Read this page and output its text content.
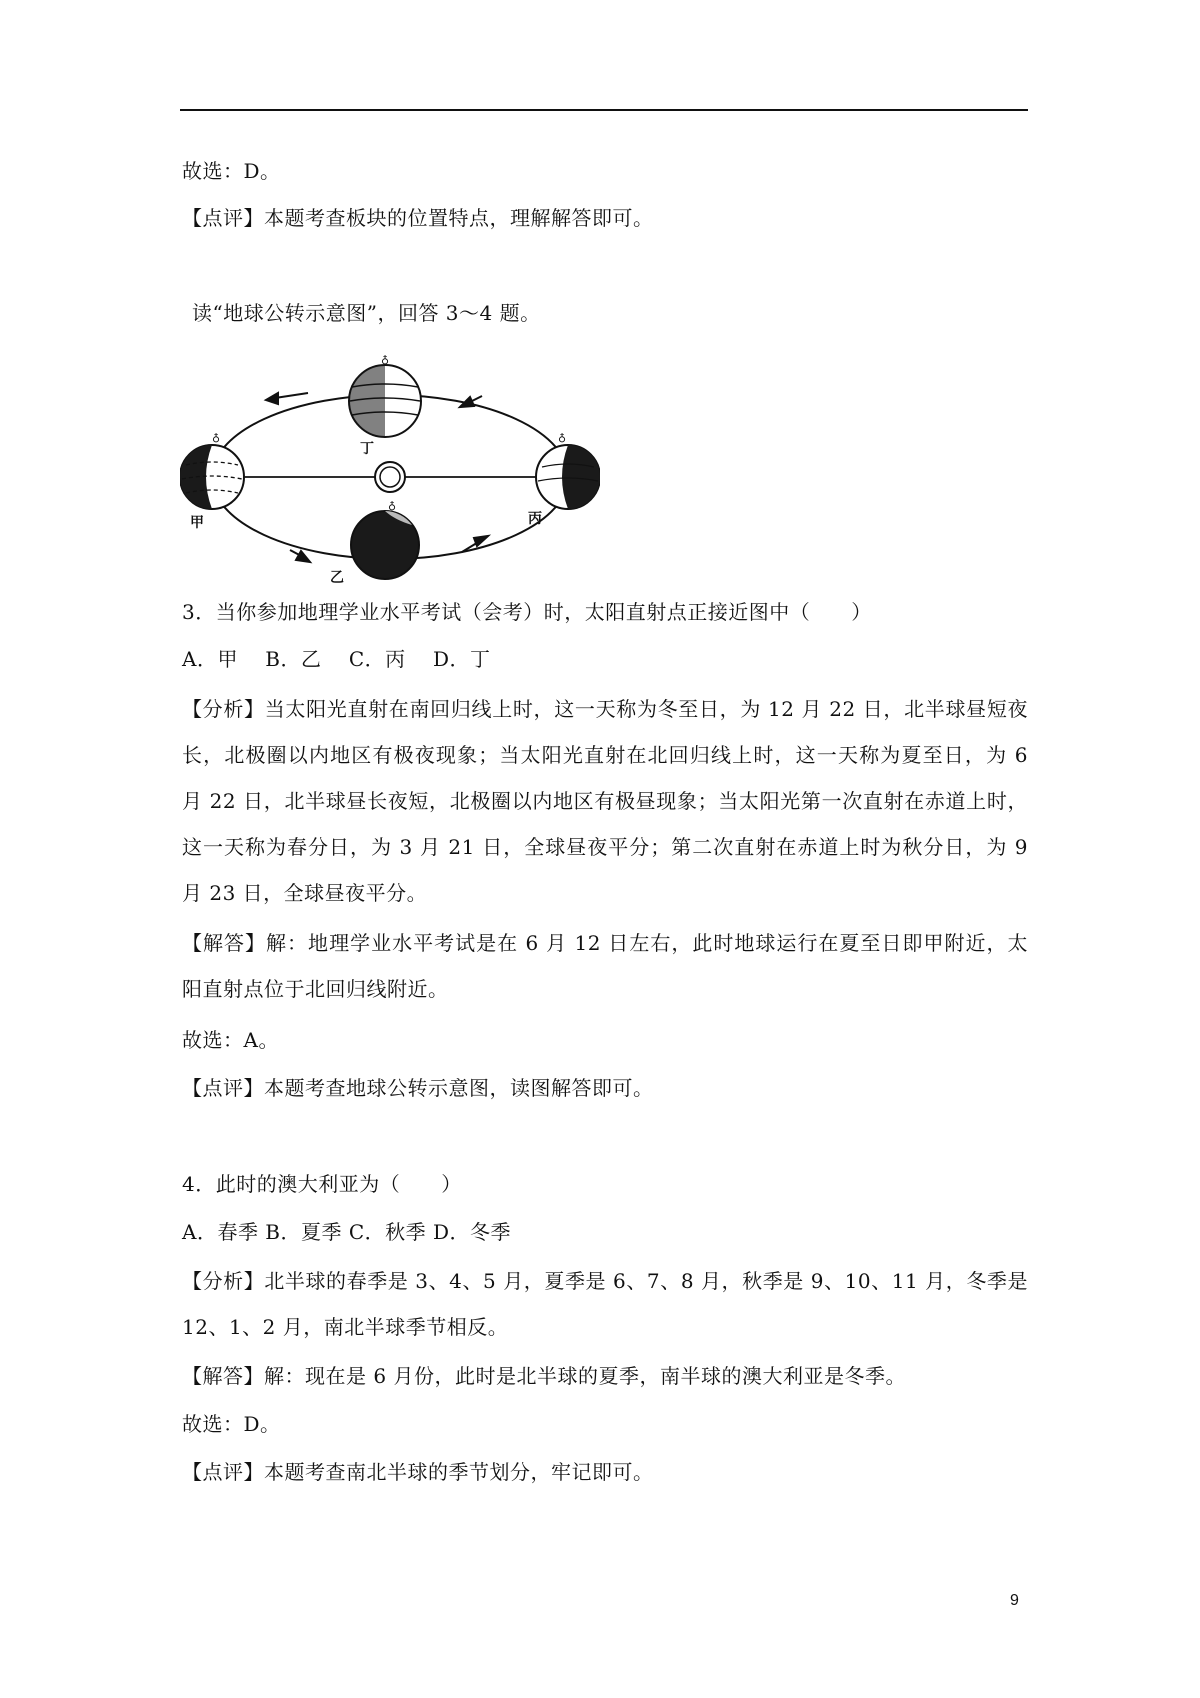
故选：D。
【点评】本题考查板块的位置特点，理解解答即可。
读“地球公转示意图”，回答 3～4 题。
♁
♁	♁
♁
甲
乙
丙
丁
3．当你参加地理学业水平考试（会考）时，太阳直射点正接近图中（　　）
A．甲　 B．乙　 C．丙　 D．丁
【分析】当太阳光直射在南回归线上时，这一天称为冬至日，为 12 月 22 日，北半球昼短夜长，北极圈以内地区有极夜现象；当太阳光直射在北回归线上时，这一天称为夏至日，为 6 月 22 日，北半球昼长夜短，北极圈以内地区有极昼现象；当太阳光第一次直射在赤道上时，这一天称为春分日，为 3 月 21 日，全球昼夜平分；第二次直射在赤道上时为秋分日，为 9 月 23 日，全球昼夜平分。
【解答】解：地理学业水平考试是在 6 月 12 日左右，此时地球运行在夏至日即甲附近，太阳直射点位于北回归线附近。
故选：A。
【点评】本题考查地球公转示意图，读图解答即可。
4．此时的澳大利亚为（　　）
A．春季 B．夏季 C．秋季 D．冬季
【分析】北半球的春季是 3、4、5 月，夏季是 6、7、8 月，秋季是 9、10、11 月，冬季是 12、1、2 月，南北半球季节相反。
【解答】解：现在是 6 月份，此时是北半球的夏季，南半球的澳大利亚是冬季。
故选：D。
【点评】本题考查南北半球的季节划分，牢记即可。
9
